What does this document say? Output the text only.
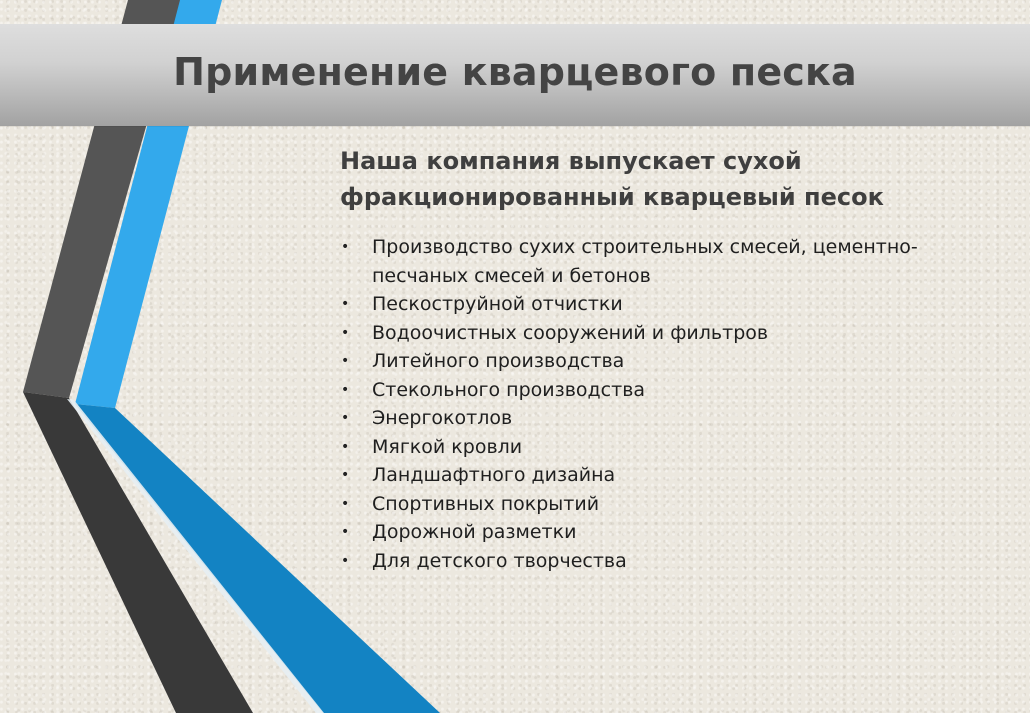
Применение кварцевого песка
Наша компания выпускает сухой
фракционированный кварцевый песок
• Производство сухих строительных смесей, цементно-песчаных смесей и бетонов
• Пескоструйной отчистки
• Водоочистных сооружений и фильтров
• Литейного производства
• Стекольного производства
• Энергокотлов
• Мягкой кровли
• Ландшафтного дизайна
• Спортивных покрытий
• Дорожной разметки
• Для детского творчества
